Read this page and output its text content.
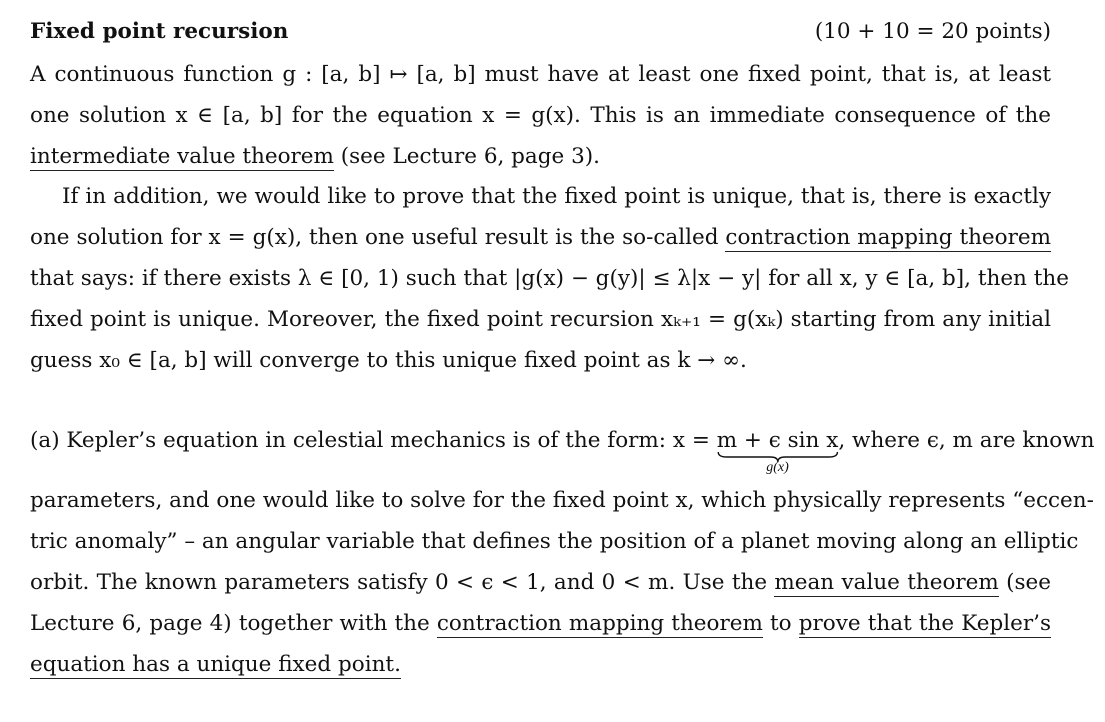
Fixed point recursion	(10 + 10 = 20 points)
A continuous function g : [a, b] ↦ [a, b] must have at least one fixed point, that is, at least
one solution x ∈ [a, b] for the equation x = g(x). This is an immediate consequence of the
intermediate value theorem (see Lecture 6, page 3).
If in addition, we would like to prove that the fixed point is unique, that is, there is exactly
one solution for x = g(x), then one useful result is the so-called contraction mapping theorem
that says: if there exists λ ∈ [0, 1) such that |g(x) − g(y)| ≤ λ|x − y| for all x, y ∈ [a, b], then the
fixed point is unique. Moreover, the fixed point recursion xₖ₊₁ = g(xₖ) starting from any initial
guess x₀ ∈ [a, b] will converge to this unique fixed point as k → ∞.
(a) Kepler’s equation in celestial mechanics is of the form: x = m + ϵ sin x
g(x)
, where ϵ, m are known
parameters, and one would like to solve for the fixed point x, which physically represents “eccen-
tric anomaly” – an angular variable that defines the position of a planet moving along an elliptic
orbit. The known parameters satisfy 0 < ϵ < 1, and 0 < m. Use the mean value theorem (see
Lecture 6, page 4) together with the contraction mapping theorem to prove that the Kepler’s
equation has a unique fixed point.
